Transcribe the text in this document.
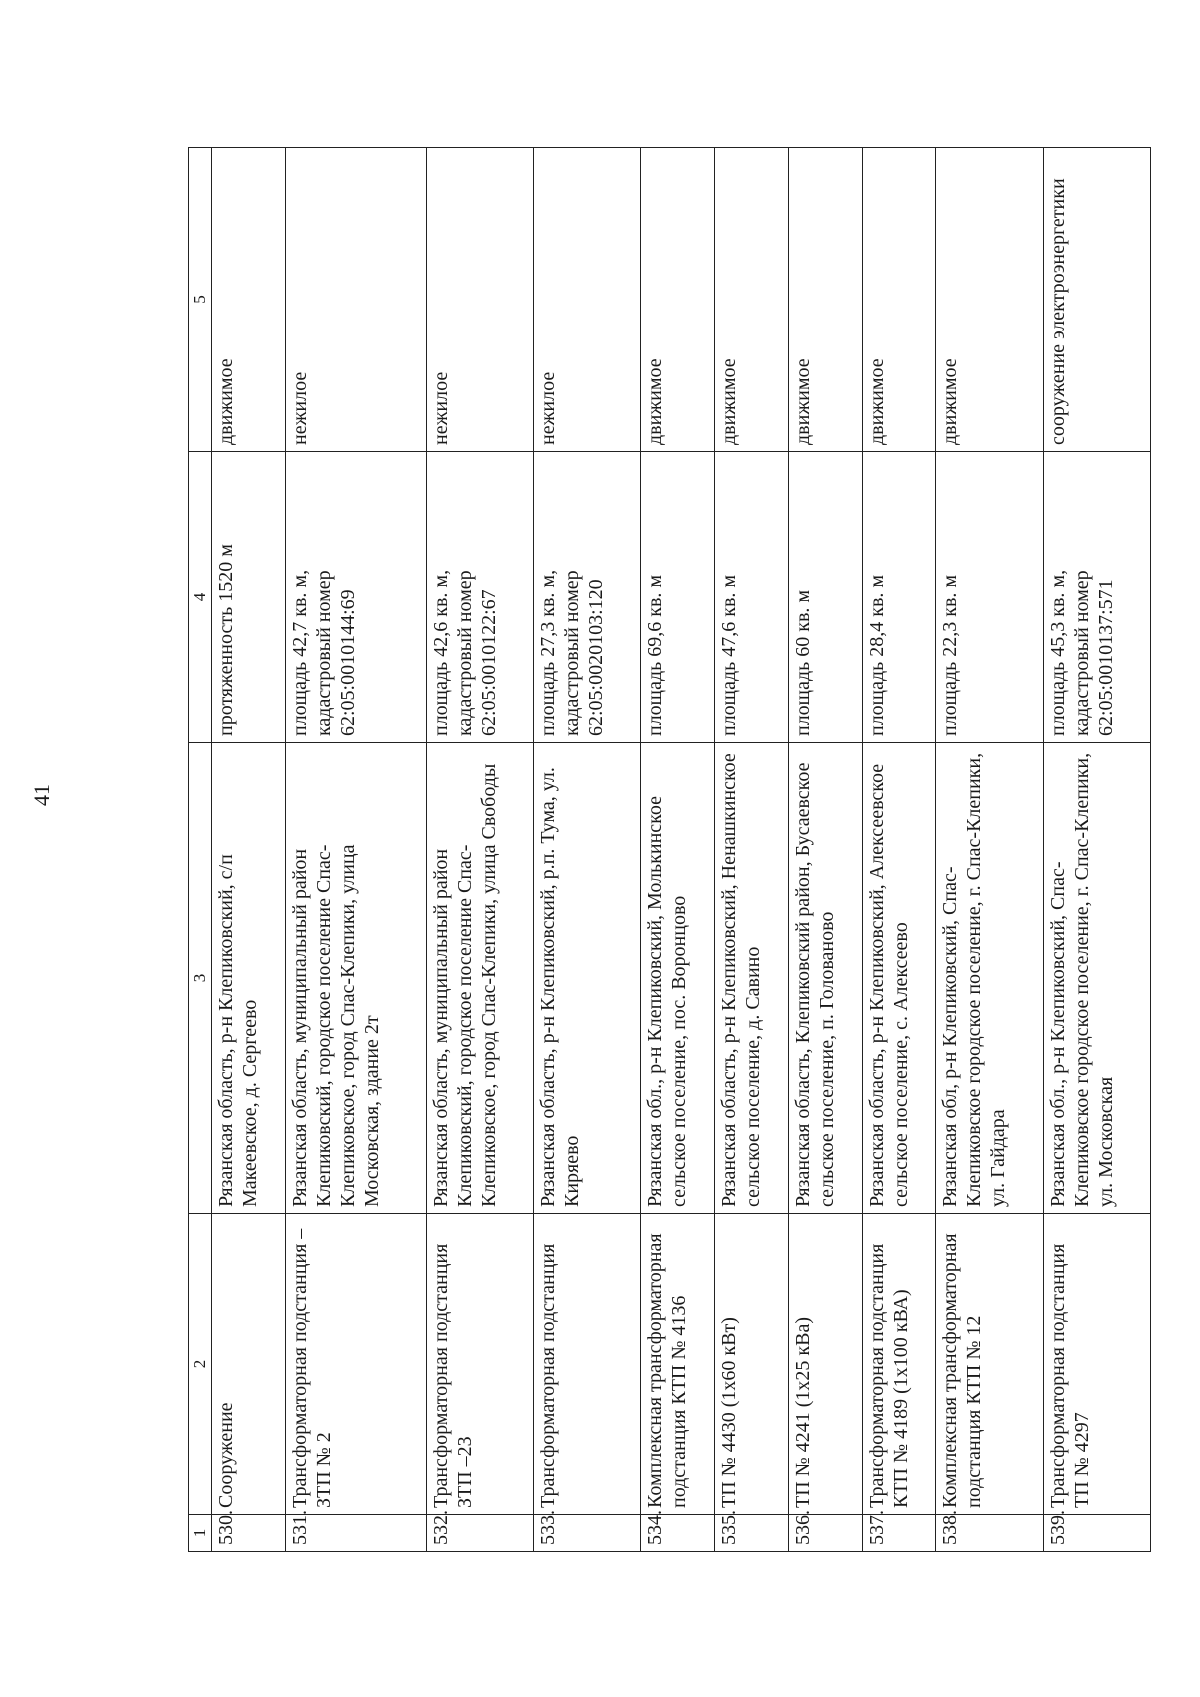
41
1	2	3	4	5
530.	Сооружение	Рязанская область, р-н Клепиковский, с/п Макеевское, д. Сергеево	протяженность 1520 м	движимое
531.	Трансформаторная подстанция – ЗТП № 2	Рязанская область, муниципальный район Клепиковский, городское поселение Спас-Клепиковское, город Спас-Клепики, улица Московская, здание 2т	площадь 42,7 кв. м, кадастровый номер 62:05:0010144:69	нежилое
532.	Трансформаторная подстанция ЗТП –23	Рязанская область, муниципальный район Клепиковский, городское поселение Спас-Клепиковское, город Спас-Клепики, улица Свободы	площадь 42,6 кв. м, кадастровый номер 62:05:0010122:67	нежилое
533.	Трансформаторная подстанция	Рязанская область, р-н Клепиковский, р.п. Тума, ул. Киряево	площадь 27,3 кв. м, кадастровый номер 62:05:0020103:120	нежилое
534.	Комплексная трансформаторная подстанция КТП № 4136	Рязанская обл., р-н Клепиковский, Молькинское сельское поселение, пос. Воронцово	площадь 69,6 кв. м	движимое
535.	ТП № 4430 (1х60 кВт)	Рязанская область, р-н Клепиковский, Ненашкинское сельское поселение, д. Савино	площадь 47,6 кв. м	движимое
536.	ТП № 4241 (1х25 кВа)	Рязанская область, Клепиковский район, Бусаевское сельское поселение, п. Голованово	площадь 60 кв. м	движимое
537.	Трансформаторная подстанция КТП № 4189 (1х100 кВА)	Рязанская область, р-н Клепиковский, Алексеевское сельское поселение, с. Алексеево	площадь 28,4 кв. м	движимое
538.	Комплексная трансформаторная подстанция КТП № 12	Рязанская обл, р-н Клепиковский, Спас-Клепиковское городское поселение, г. Спас-Клепики, ул. Гайдара	площадь 22,3 кв. м	движимое
539.	Трансформаторная подстанция ТП № 4297	Рязанская обл., р-н Клепиковский, Спас-Клепиковское городское поселение, г. Спас-Клепики, ул. Московская	площадь 45,3 кв. м, кадастровый номер 62:05:0010137:571	сооружение электроэнергетики
